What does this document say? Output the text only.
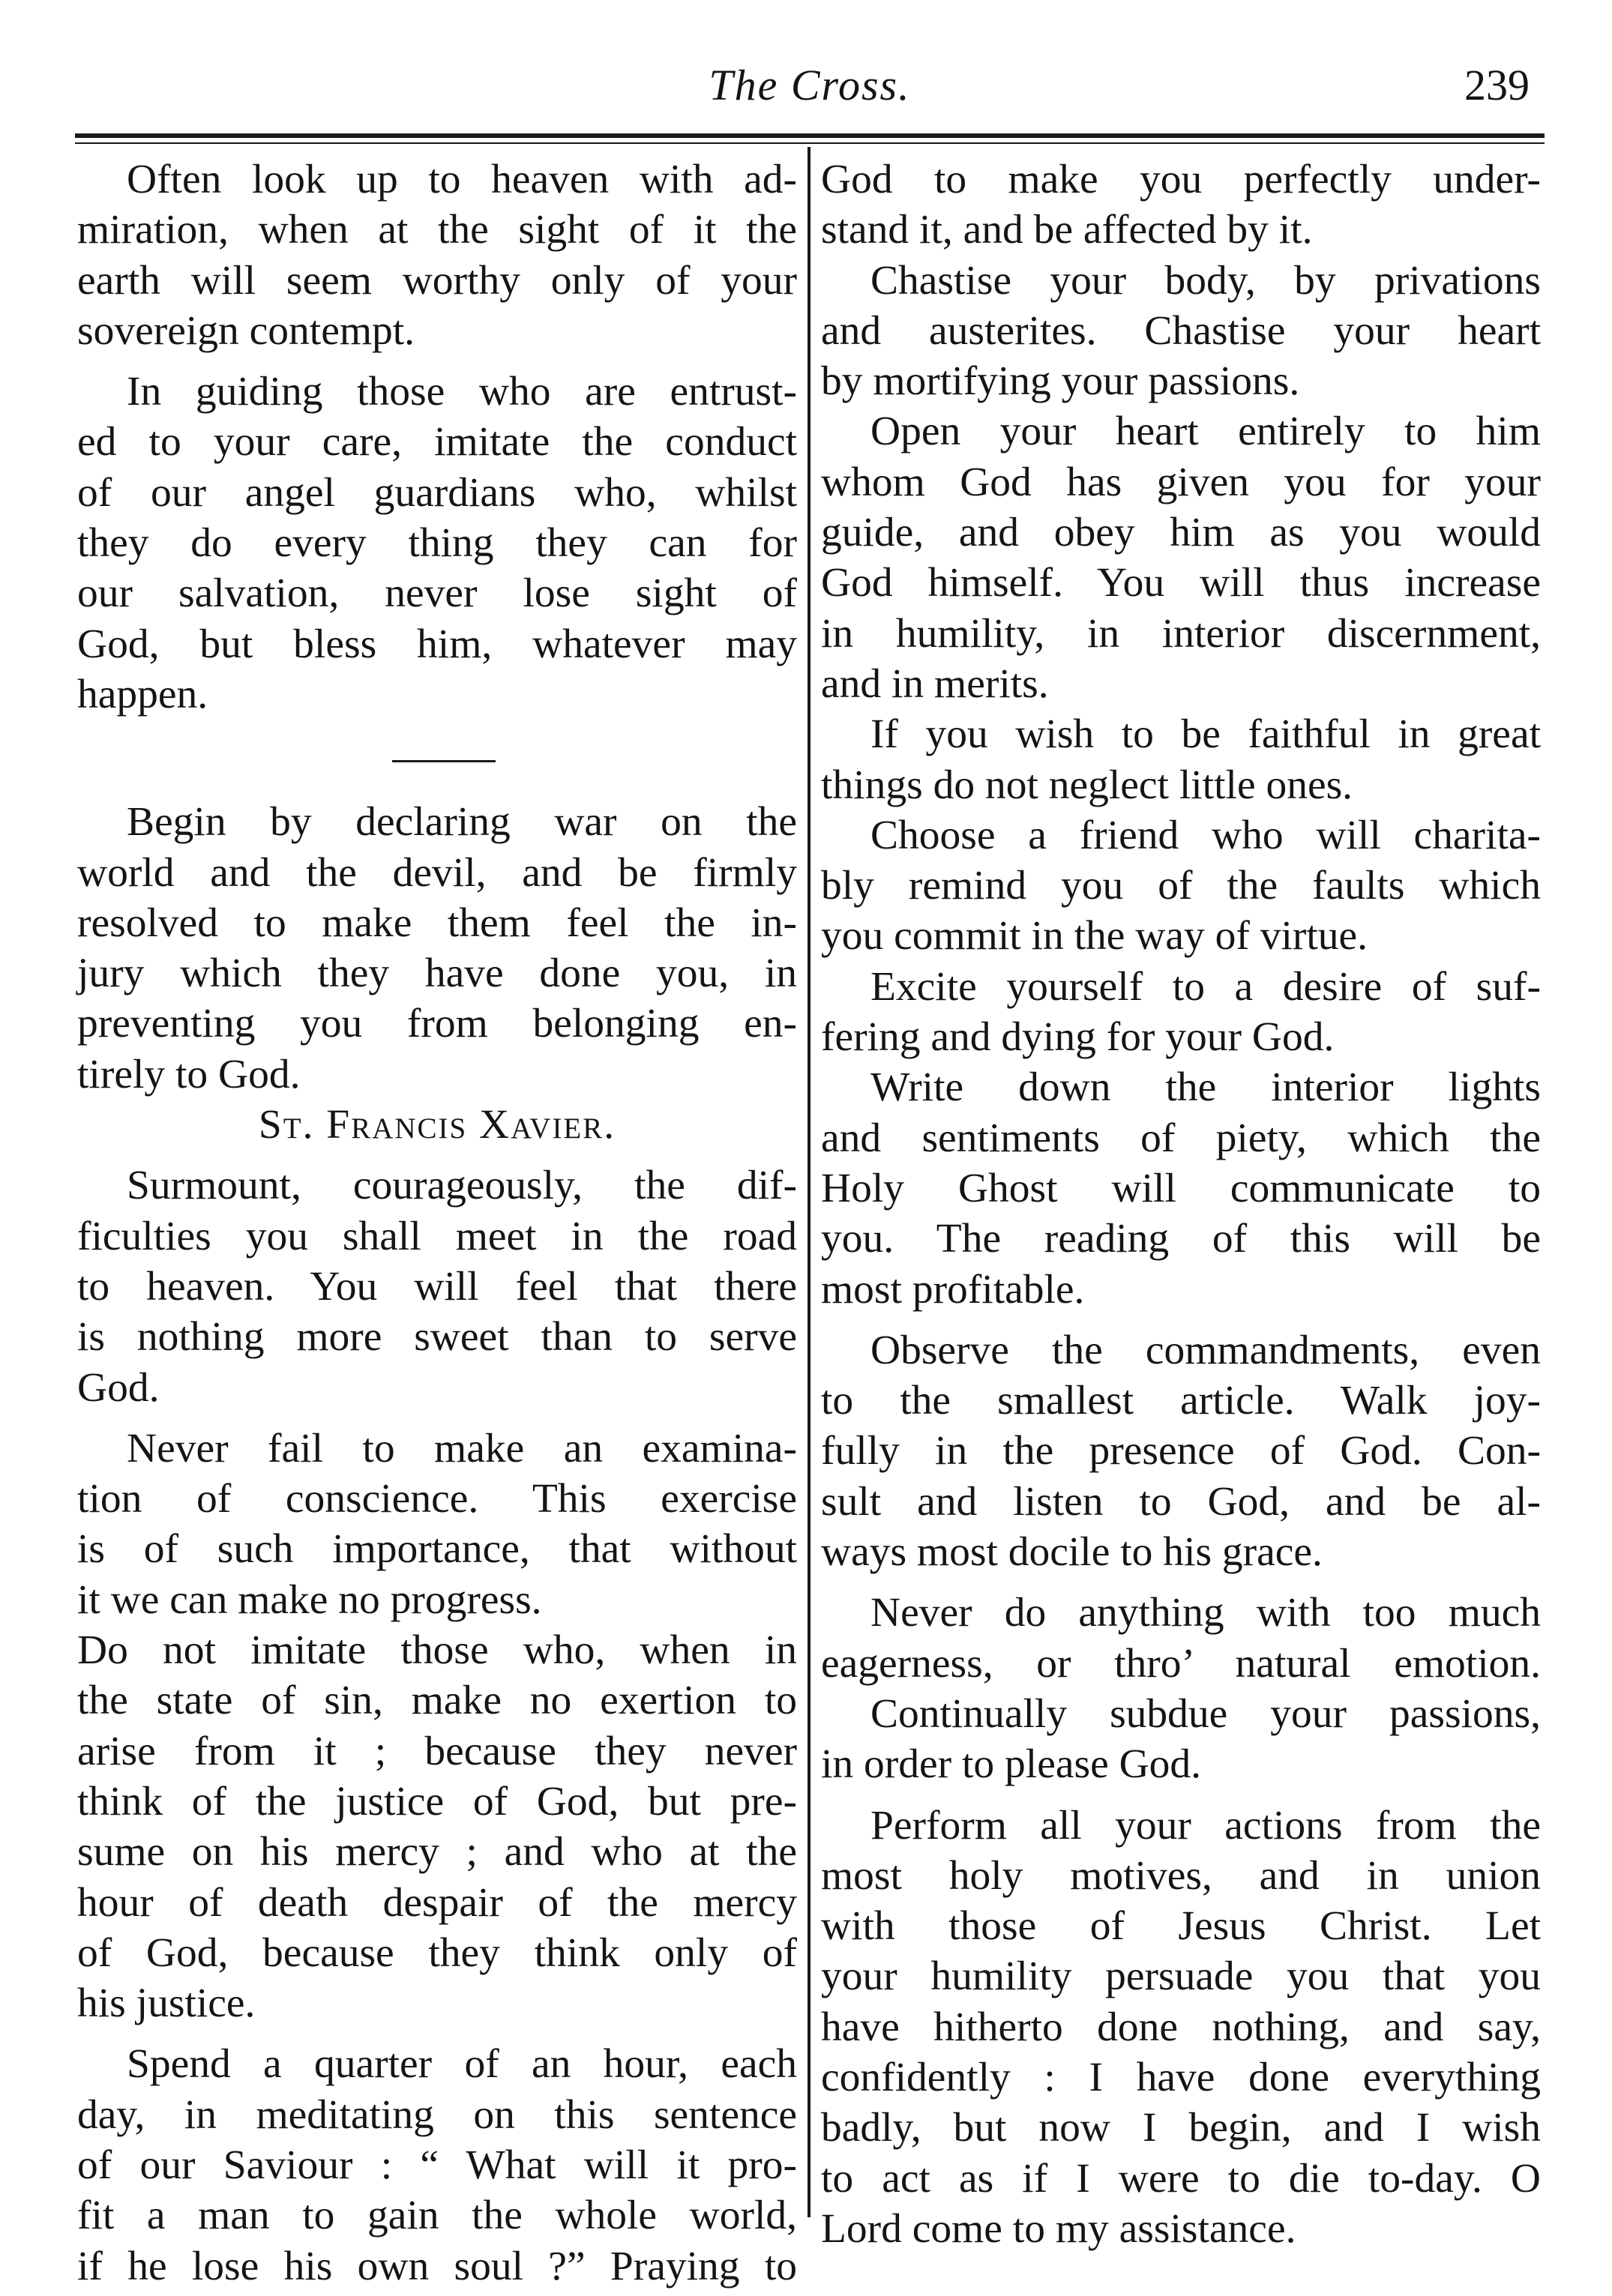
The Cross.	239
Often look up to heaven with ad-
miration, when at the sight of it the
earth will seem worthy only of your
sovereign contempt.
In guiding those who are entrust-
ed to your care, imitate the conduct
of our angel guardians who, whilst
they do every thing they can for
our salvation, never lose sight of
God, but bless him, whatever may
happen.
Begin by declaring war on the
world and the devil, and be firmly
resolved to make them feel the in-
jury which they have done you, in
preventing you from belonging en-
tirely to God.
St. Francis Xavier.
Surmount, courageously, the dif-
ficulties you shall meet in the road
to heaven. You will feel that there
is nothing more sweet than to serve
God.
Never fail to make an examina-
tion of conscience. This exercise
is of such importance, that without
it we can make no progress.
Do not imitate those who, when in
the state of sin, make no exertion to
arise from it ; because they never
think of the justice of God, but pre-
sume on his mercy ; and who at the
hour of death despair of the mercy
of God, because they think only of
his justice.
Spend a quarter of an hour, each
day, in meditating on this sentence
of our Saviour : “ What will it pro-
fit a man to gain the whole world,
if he lose his own soul ?” Praying to
God to make you perfectly under-
stand it, and be affected by it.
Chastise your body, by privations
and austerites. Chastise your heart
by mortifying your passions.
Open your heart entirely to him
whom God has given you for your
guide, and obey him as you would
God himself. You will thus increase
in humility, in interior discernment,
and in merits.
If you wish to be faithful in great
things do not neglect little ones.
Choose a friend who will charita-
bly remind you of the faults which
you commit in the way of virtue.
Excite yourself to a desire of suf-
fering and dying for your God.
Write down the interior lights
and sentiments of piety, which the
Holy Ghost will communicate to
you. The reading of this will be
most profitable.
Observe the commandments, even
to the smallest article. Walk joy-
fully in the presence of God. Con-
sult and listen to God, and be al-
ways most docile to his grace.
Never do anything with too much
eagerness, or thro’ natural emotion.
Continually subdue your passions,
in order to please God.
Perform all your actions from the
most holy motives, and in union
with those of Jesus Christ. Let
your humility persuade you that you
have hitherto done nothing, and say,
confidently : I have done everything
badly, but now I begin, and I wish
to act as if I were to die to-day. O
Lord come to my assistance.
